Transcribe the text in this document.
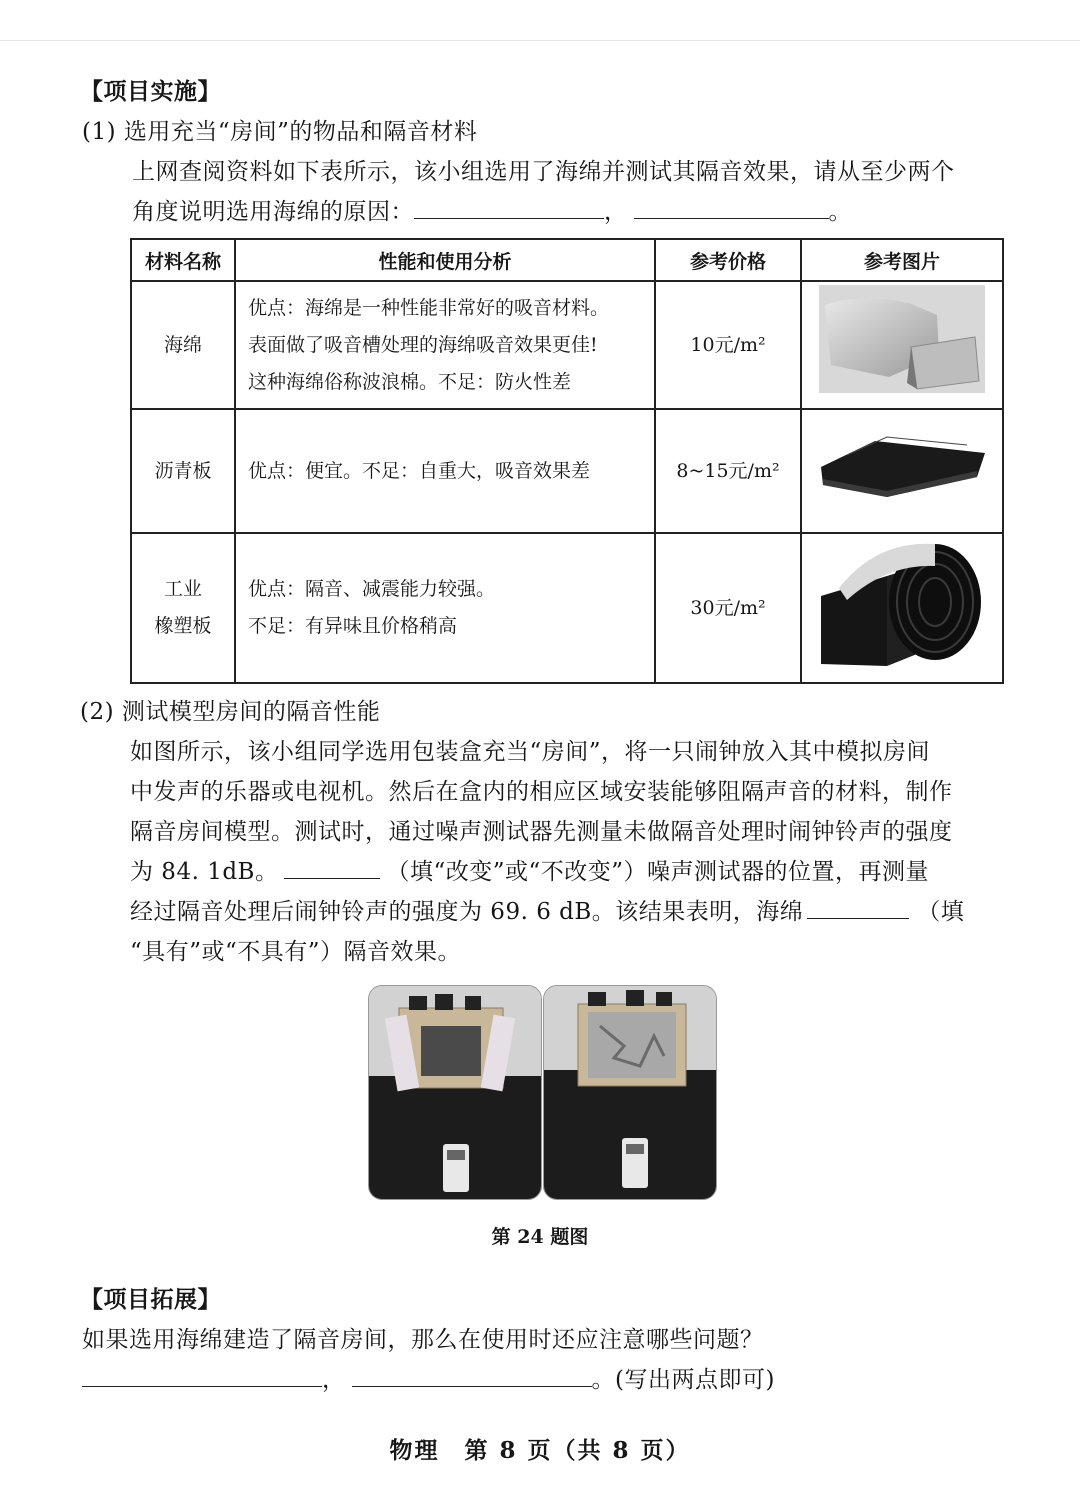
【项目实施】
(1) 选用充当“房间”的物品和隔音材料
上网查阅资料如下表所示，该小组选用了海绵并测试其隔音效果，请从至少两个
角度说明选用海绵的原因：	，	。
材料名称	性能和使用分析	参考价格	参考图片
海绵	优点：海绵是一种性能非常好的吸音材料。
表面做了吸音槽处理的海绵吸音效果更佳!
这种海绵俗称波浪棉。不足：防火性差	10元/m²	
沥青板	优点：便宜。不足：自重大，吸音效果差	8~15元/m²	

工业
橡塑板	优点：隔音、减震能力较强。
不足：有异味且价格稍高	30元/m²	
(2) 测试模型房间的隔音性能
如图所示，该小组同学选用包装盒充当“房间”，将一只闹钟放入其中模拟房间
中发声的乐器或电视机。然后在盒内的相应区域安装能够阻隔声音的材料，制作
隔音房间模型。测试时，通过噪声测试器先测量未做隔音处理时闹钟铃声的强度
为 84. 1dB。	（填“改变”或“不改变”）噪声测试器的位置，再测量
经过隔音处理后闹钟铃声的强度为 69. 6 dB。该结果表明，海绵	（填
“具有”或“不具有”）隔音效果。
第 24 题图
【项目拓展】
如果选用海绵建造了隔音房间，那么在使用时还应注意哪些问题？
，	。(写出两点即可)
物理　第 8 页（共 8 页）
